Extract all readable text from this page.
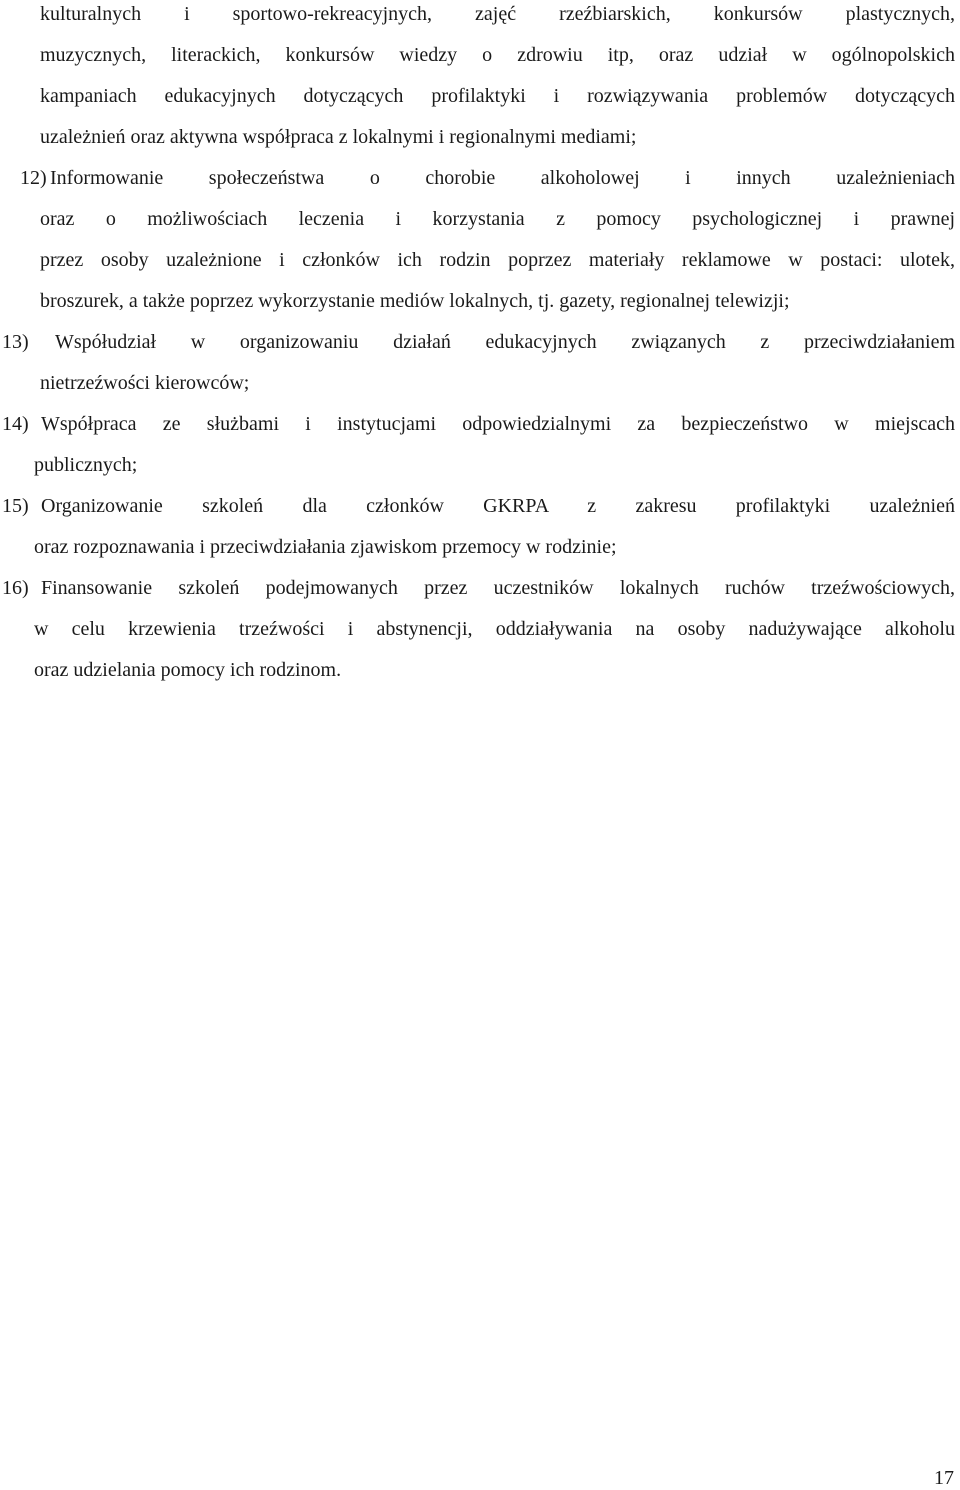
kulturalnych i sportowo-rekreacyjnych, zajęć rzeźbiarskich, konkursów plastycznych,
muzycznych, literackich, konkursów wiedzy o zdrowiu itp, oraz udział w ogólnopolskich
kampaniach edukacyjnych dotyczących profilaktyki i rozwiązywania problemów dotyczących
uzależnień oraz aktywna współpraca z lokalnymi i regionalnymi mediami;
12) Informowanie społeczeństwa o chorobie alkoholowej i innych uzależnieniach
oraz o możliwościach leczenia i korzystania z pomocy psychologicznej i prawnej
przez osoby uzależnione i członków ich rodzin poprzez materiały reklamowe w postaci: ulotek,
broszurek, a także poprzez wykorzystanie mediów lokalnych, tj. gazety, regionalnej telewizji;
13) Współudział w organizowaniu działań edukacyjnych związanych z przeciwdziałaniem
nietrzeźwości kierowców;
14) Współpraca ze służbami i instytucjami odpowiedzialnymi za bezpieczeństwo w miejscach
publicznych;
15) Organizowanie szkoleń dla członków GKRPA z zakresu profilaktyki uzależnień
oraz rozpoznawania i przeciwdziałania zjawiskom przemocy w rodzinie;
16) Finansowanie szkoleń podejmowanych przez uczestników lokalnych ruchów trzeźwościowych,
w celu krzewienia trzeźwości i abstynencji, oddziaływania na osoby nadużywające alkoholu
oraz udzielania pomocy ich rodzinom.
17
